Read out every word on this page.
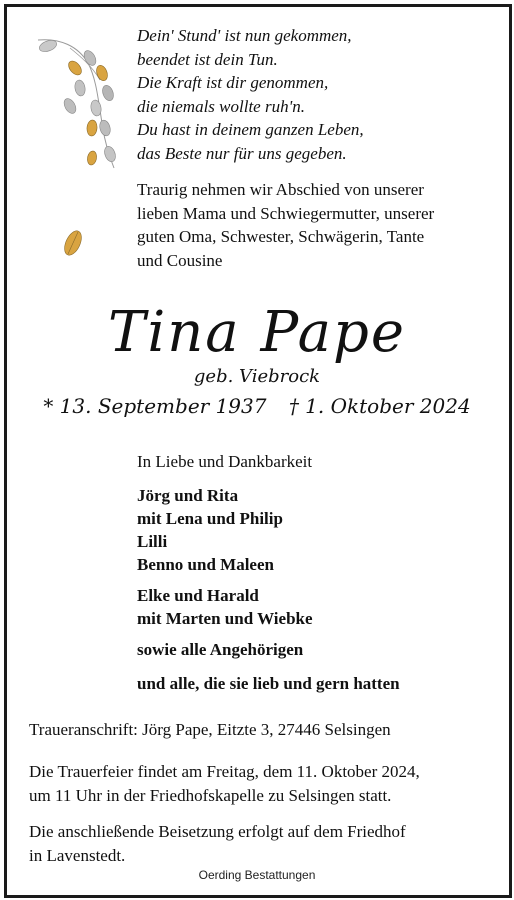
Dein' Stund' ist nun gekommen,
beendet ist dein Tun.
Die Kraft ist dir genommen,
die niemals wollte ruh'n.
Du hast in deinem ganzen Leben,
das Beste nur für uns gegeben.
Traurig nehmen wir Abschied von unserer
lieben Mama und Schwiegermutter, unserer
guten Oma, Schwester, Schwägerin, Tante
und Cousine
Tina Pape
geb. Viebrock
* 13. September 1937 † 1. Oktober 2024
In Liebe und Dankbarkeit
Jörg und Rita
mit Lena und Philip
Lilli
Benno und Maleen
Elke und Harald
mit Marten und Wiebke
sowie alle Angehörigen
und alle, die sie lieb und gern hatten
Traueranschrift: Jörg Pape, Eitzte 3, 27446 Selsingen
Die Trauerfeier findet am Freitag, dem 11. Oktober 2024,
um 11 Uhr in der Friedhofskapelle zu Selsingen statt.
Die anschließende Beisetzung erfolgt auf dem Friedhof
in Lavenstedt.
Oerding Bestattungen
